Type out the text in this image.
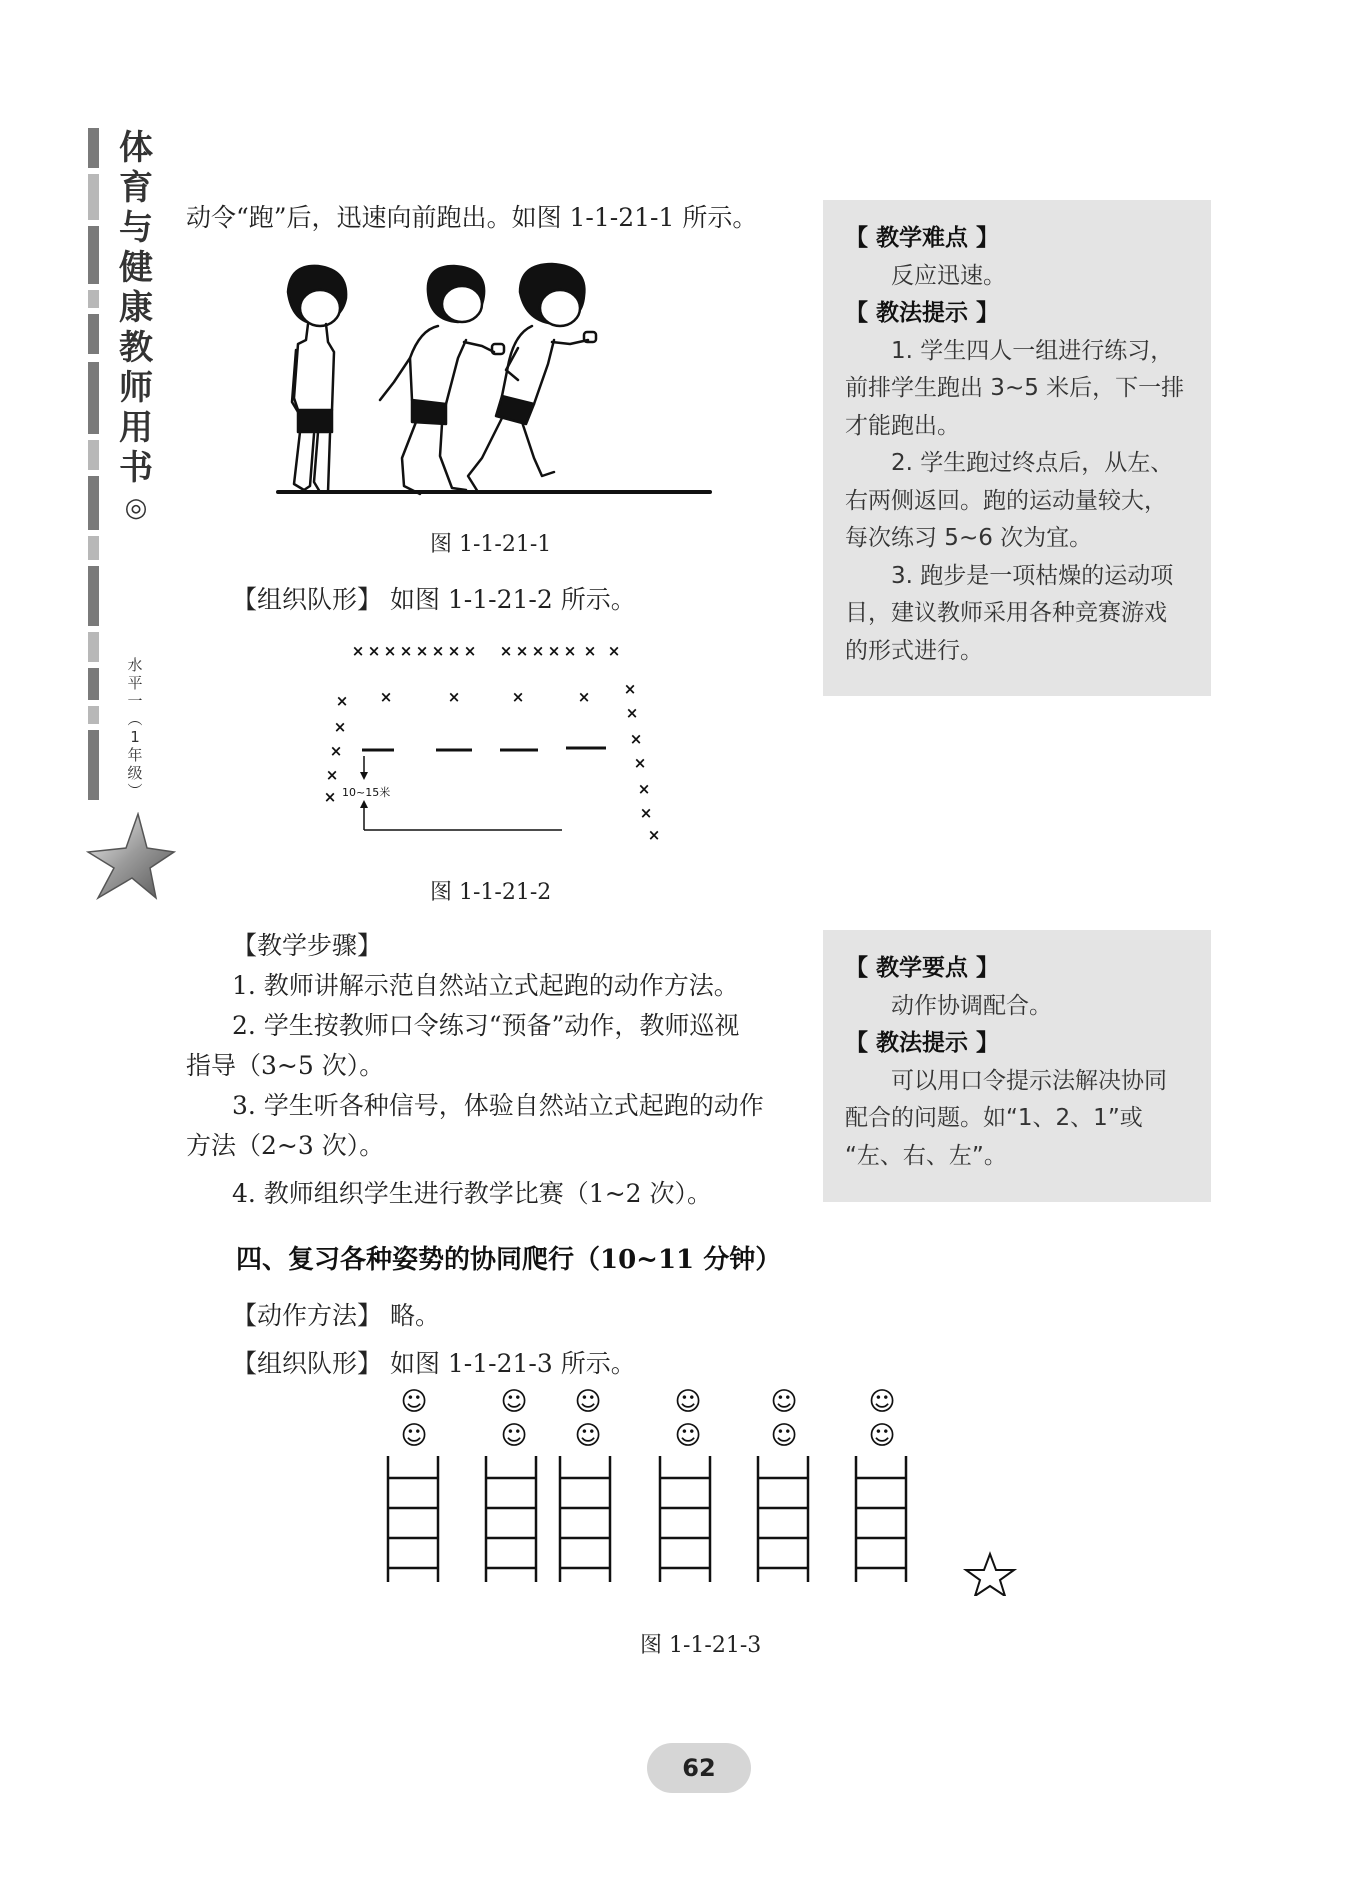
体
育
与
健
康
教
师
用
书
◎
水
平
一
︵
1
年
级
︶
动令“跑”后，迅速向前跑出。如图 1-1-21-1 所示。
图 1-1-21-1
【组织队形】 如图 1-1-21-2 所示。
× × × × × × × × × × × × × × ×
× ×	×	×	× ×
×
×
×
×
×
×
×	×
×
×
10~15米
图 1-1-21-2
【教学步骤】
1. 教师讲解示范自然站立式起跑的动作方法。
2. 学生按教师口令练习“预备”动作，教师巡视
指导（3~5 次）。
3. 学生听各种信号，体验自然站立式起跑的动作
方法（2~3 次）。
4. 教师组织学生进行教学比赛（1~2 次）。
四、复习各种姿势的协同爬行（10~11 分钟）
【动作方法】 略。
【组织队形】 如图 1-1-21-3 所示。
☺
☺
☺
☺
☺
☺
☺
☺
☺
☺
☺
☺
图 1-1-21-3

【 教学难点 】

反应迅速。

【 教法提示 】

1. 学生四人一组进行练习，

前排学生跑出 3~5 米后，下一排

才能跑出。

2. 学生跑过终点后，从左、

右两侧返回。跑的运动量较大，

每次练习 5~6 次为宜。

3. 跑步是一项枯燥的运动项

目，建议教师采用各种竞赛游戏

的形式进行。

【 教学要点 】

动作协调配合。

【 教法提示 】

可以用口令提示法解决协同

配合的问题。如“1、2、1”或

“左、右、左”。

62
